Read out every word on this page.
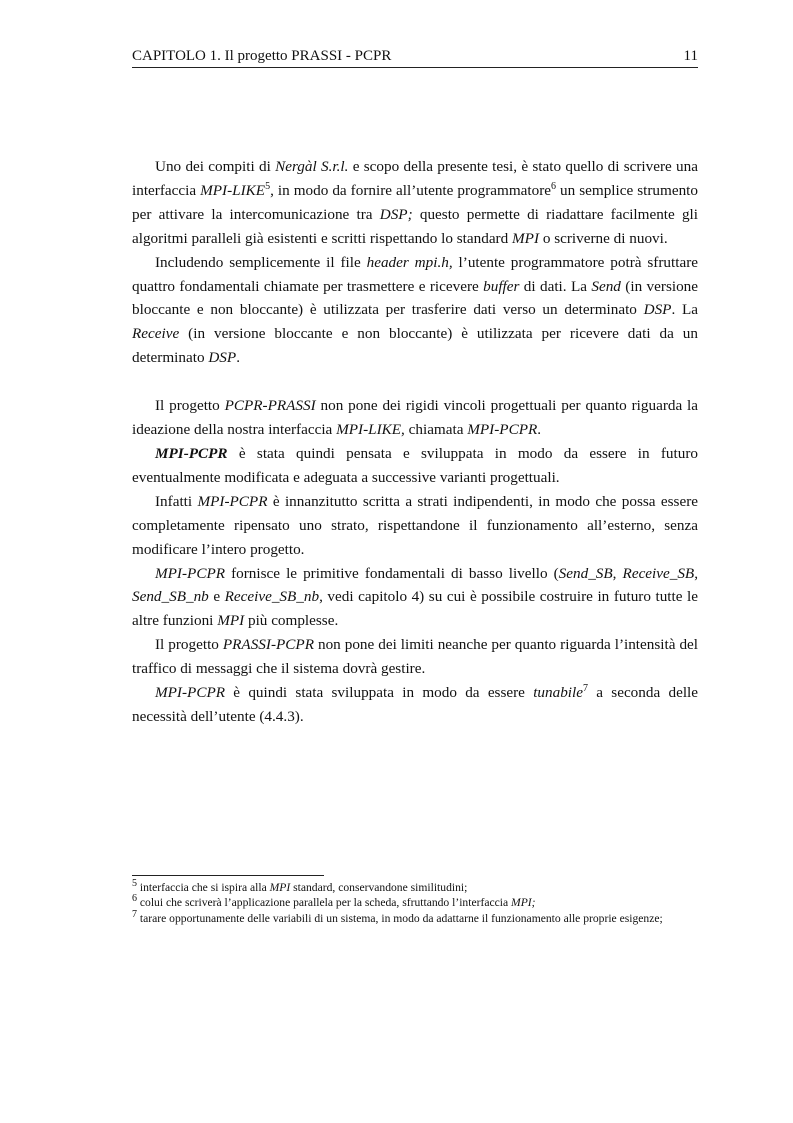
CAPITOLO 1. Il progetto PRASSI - PCPR	11

Uno dei compiti di Nergàl S.r.l. e scopo della presente tesi, è stato quello di scrivere una interfaccia MPI-LIKE$^5$, in modo da fornire all’utente programmatore$^6$ un semplice strumento per attivare la intercomunicazione tra DSP; questo permette di riadattare facilmente gli algoritmi paralleli già esistenti e scritti rispettando lo standard MPI o scriverne di nuovi.

Includendo semplicemente il file header mpi.h, l’utente programmatore potrà sfruttare quattro fondamentali chiamate per trasmettere e ricevere buffer di dati. La Send (in versione bloccante e non bloccante) è utilizzata per trasferire dati verso un determinato DSP. La Receive (in versione bloccante e non bloccante) è utilizzata per ricevere dati da un determinato DSP.

Il progetto PCPR-PRASSI non pone dei rigidi vincoli progettuali per quanto riguarda la ideazione della nostra interfaccia MPI-LIKE, chiamata MPI-PCPR.

MPI-PCPR è stata quindi pensata e sviluppata in modo da essere in futuro eventualmente modificata e adeguata a successive varianti progettuali.

Infatti MPI-PCPR è innanzitutto scritta a strati indipendenti, in modo che possa essere completamente ripensato uno strato, rispettandone il funzionamento all’esterno, senza modificare l’intero progetto.

MPI-PCPR fornisce le primitive fondamentali di basso livello (Send_SB, Receive_SB, Send_SB_nb e Receive_SB_nb, vedi capitolo 4) su cui è possibile costruire in futuro tutte le altre funzioni MPI più complesse.

Il progetto PRASSI-PCPR non pone dei limiti neanche per quanto riguarda l’intensità del traffico di messaggi che il sistema dovrà gestire.

MPI-PCPR è quindi stata sviluppata in modo da essere tunabile$^7$ a seconda delle necessità dell’utente (4.4.3).

$^5$ interfaccia che si ispira alla MPI standard, conservandone similitudini;

$^6$ colui che scriverà l’applicazione parallela per la scheda, sfruttando l’interfaccia MPI;

$^7$ tarare opportunamente delle variabili di un sistema, in modo da adattarne il funzionamento alle proprie esigenze;
